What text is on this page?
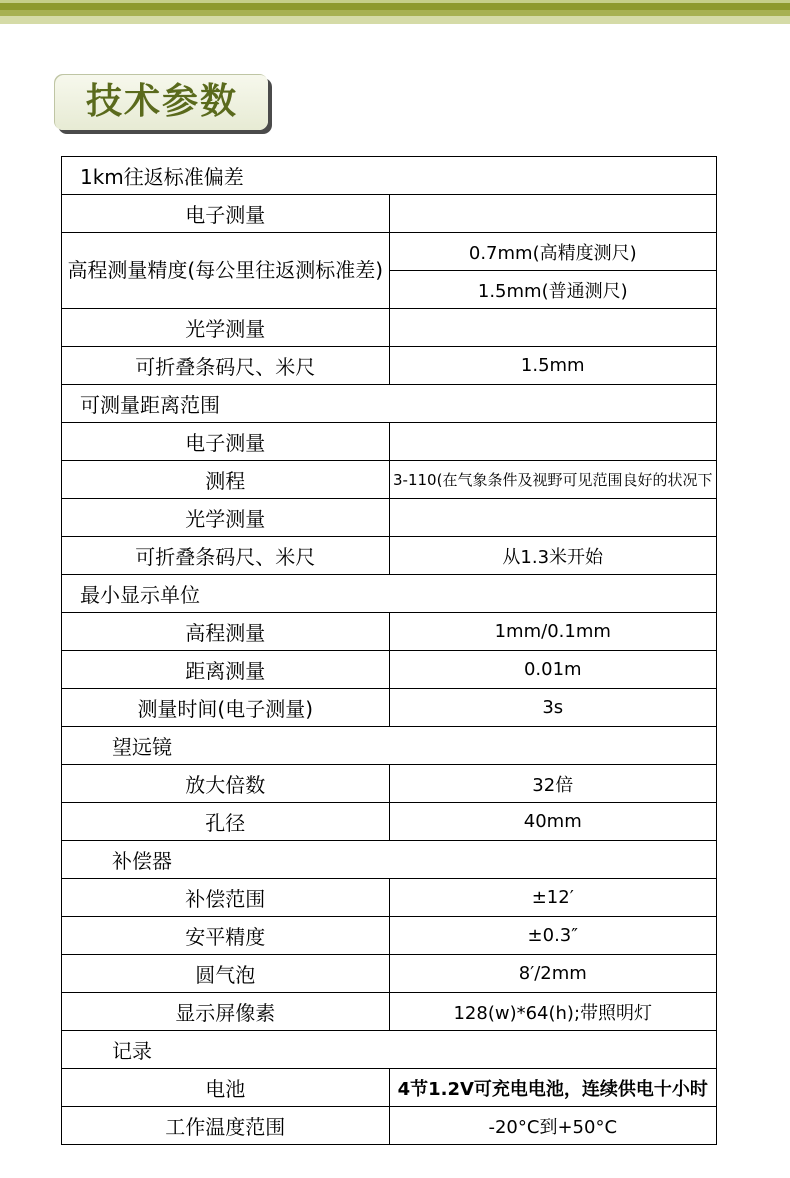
技术参数
1km往返标准偏差	
电子测量	
高程测量精度(每公里往返测标准差)	0.7mm(高精度测尺)
	1.5mm(普通测尺)
光学测量	
可折叠条码尺、米尺	1.5mm
可测量距离范围	
电子测量	
测程	3-110(在气象条件及视野可见范围良好的状况下
光学测量	
可折叠条码尺、米尺	从1.3米开始
最小显示单位	
高程测量	1mm/0.1mm
距离测量	0.01m
测量时间(电子测量)	3s
望远镜	
放大倍数	32倍
孔径	40mm
补偿器	
补偿范围	±12′
安平精度	±0.3″
圆气泡	8′/2mm
显示屏像素	128(w)*64(h);带照明灯
记录	
电池	4节1.2V可充电电池，连续供电十小时
工作温度范围	-20°C到+50°C
